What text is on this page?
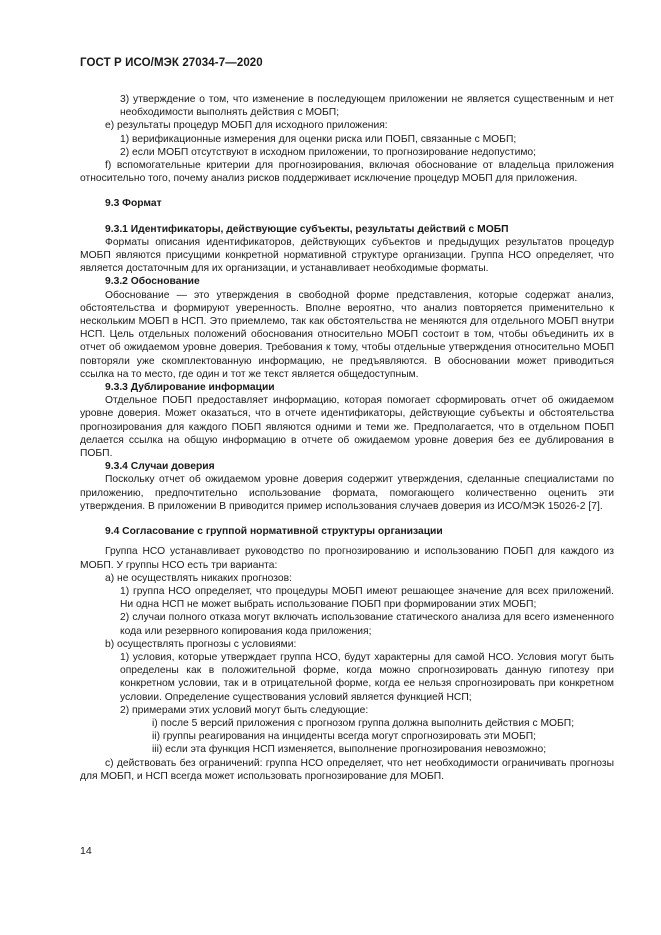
ГОСТ Р ИСО/МЭК 27034-7—2020

3) утверждение о том, что изменение в последующем приложении не является существенным и нет необходимости выполнять действия с МОБП;

е) результаты процедур МОБП для исходного приложения:

1) верификационные измерения для оценки риска или ПОБП, связанные с МОБП;

2) если МОБП отсутствуют в исходном приложении, то прогнозирование недопустимо;

f) вспомогательные критерии для прогнозирования, включая обоснование от владельца приложения относительно того, почему анализ рисков поддерживает исключение процедур МОБП для приложения.

9.3 Формат

9.3.1 Идентификаторы, действующие субъекты, результаты действий с МОБП

Форматы описания идентификаторов, действующих субъектов и предыдущих результатов процедур МОБП являются присущими конкретной нормативной структуре организации. Группа НСО определяет, что является достаточным для их организации, и устанавливает необходимые форматы.

9.3.2 Обоснование

Обоснование — это утверждения в свободной форме представления, которые содержат анализ, обстоятельства и формируют уверенность. Вполне вероятно, что анализ повторяется применительно к нескольким МОБП в НСП. Это приемлемо, так как обстоятельства не меняются для отдельного МОБП внутри НСП. Цель отдельных положений обоснования относительно МОБП состоит в том, чтобы объединить их в отчет об ожидаемом уровне доверия. Требования к тому, чтобы отдельные утверждения относительно МОБП повторяли уже скомплектованную информацию, не предъявляются. В обосновании может приводиться ссылка на то место, где один и тот же текст является общедоступным.

9.3.3 Дублирование информации

Отдельное ПОБП предоставляет информацию, которая помогает сформировать отчет об ожидаемом уровне доверия. Может оказаться, что в отчете идентификаторы, действующие субъекты и обстоятельства прогнозирования для каждого ПОБП являются одними и теми же. Предполагается, что в отдельном ПОБП делается ссылка на общую информацию в отчете об ожидаемом уровне доверия без ее дублирования в ПОБП.

9.3.4 Случаи доверия

Поскольку отчет об ожидаемом уровне доверия содержит утверждения, сделанные специалистами по приложению, предпочтительно использование формата, помогающего количественно оценить эти утверждения. В приложении В приводится пример использования случаев доверия из ИСО/МЭК 15026-2 [7].

9.4 Согласование с группой нормативной структуры организации

Группа НСО устанавливает руководство по прогнозированию и использованию ПОБП для каждого из МОБП. У группы НСО есть три варианта:

a) не осуществлять никаких прогнозов:

1) группа НСО определяет, что процедуры МОБП имеют решающее значение для всех приложений. Ни одна НСП не может выбрать использование ПОБП при формировании этих МОБП;

2) случаи полного отказа могут включать использование статического анализа для всего измененного кода или резервного копирования кода приложения;

b) осуществлять прогнозы с условиями:

1) условия, которые утверждает группа НСО, будут характерны для самой НСО. Условия могут быть определены как в положительной форме, когда можно спрогнозировать данную гипотезу при конкретном условии, так и в отрицательной форме, когда ее нельзя спрогнозировать при конкретном условии. Определение существования условий является функцией НСП;

2) примерами этих условий могут быть следующие:

i) после 5 версий приложения с прогнозом группа должна выполнить действия с МОБП;

ii) группы реагирования на инциденты всегда могут спрогнозировать эти МОБП;

iii) если эта функция НСП изменяется, выполнение прогнозирования невозможно;

c) действовать без ограничений: группа НСО определяет, что нет необходимости ограничивать прогнозы для МОБП, и НСП всегда может использовать прогнозирование для МОБП.

14
